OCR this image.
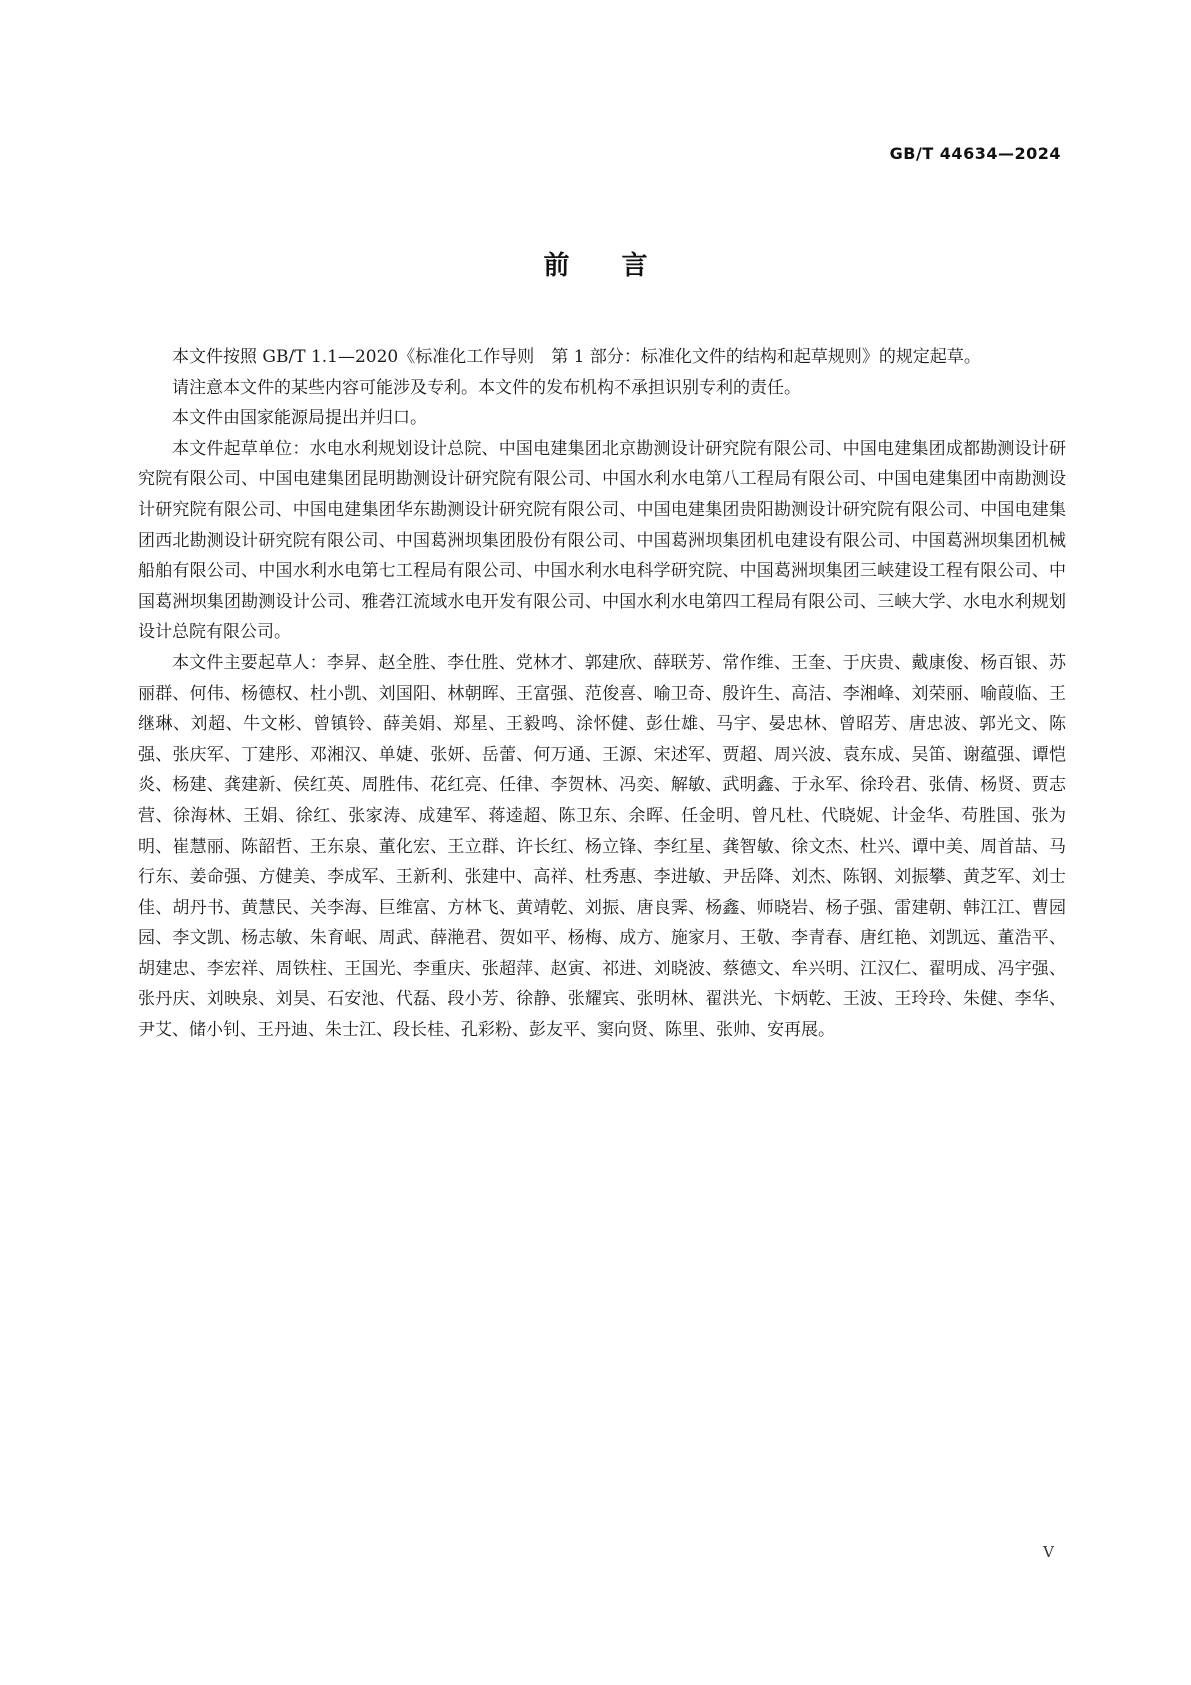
GB/T 44634—2024
前 言

本文件按照 GB/T 1.1—2020《标准化工作导则　第 1 部分：标准化文件的结构和起草规则》的规定起草。

请注意本文件的某些内容可能涉及专利。本文件的发布机构不承担识别专利的责任。

本文件由国家能源局提出并归口。

本文件起草单位：水电水利规划设计总院、中国电建集团北京勘测设计研究院有限公司、中国电建集团成都勘测设计研究院有限公司、中国电建集团昆明勘测设计研究院有限公司、中国水利水电第八工程局有限公司、中国电建集团中南勘测设计研究院有限公司、中国电建集团华东勘测设计研究院有限公司、中国电建集团贵阳勘测设计研究院有限公司、中国电建集团西北勘测设计研究院有限公司、中国葛洲坝集团股份有限公司、中国葛洲坝集团机电建设有限公司、中国葛洲坝集团机械船舶有限公司、中国水利水电第七工程局有限公司、中国水利水电科学研究院、中国葛洲坝集团三峡建设工程有限公司、中国葛洲坝集团勘测设计公司、雅砻江流域水电开发有限公司、中国水利水电第四工程局有限公司、三峡大学、水电水利规划设计总院有限公司。

本文件主要起草人：李昇、赵全胜、李仕胜、党林才、郭建欣、薛联芳、常作维、王奎、于庆贵、戴康俊、杨百银、苏丽群、何伟、杨德权、杜小凯、刘国阳、林朝晖、王富强、范俊喜、喻卫奇、殷许生、高洁、李湘峰、刘荣丽、喻葭临、王继琳、刘超、牛文彬、曾镇铃、薛美娟、郑星、王毅鸣、涂怀健、彭仕雄、马宇、晏忠林、曾昭芳、唐忠波、郭光文、陈强、张庆军、丁建彤、邓湘汉、单婕、张妍、岳蕾、何万通、王源、宋述军、贾超、周兴波、袁东成、吴笛、谢蕴强、谭恺炎、杨建、龚建新、侯红英、周胜伟、花红亮、任律、李贺林、冯奕、解敏、武明鑫、于永军、徐玲君、张倩、杨贤、贾志营、徐海林、王娟、徐红、张家涛、成建军、蒋逵超、陈卫东、余晖、任金明、曾凡杜、代晓妮、计金华、苟胜国、张为明、崔慧丽、陈韶哲、王东泉、董化宏、王立群、许长红、杨立锋、李红星、龚智敏、徐文杰、杜兴、谭中美、周首喆、马行东、姜命强、方健美、李成军、王新利、张建中、高祥、杜秀惠、李进敏、尹岳降、刘杰、陈钢、刘振攀、黄芝军、刘士佳、胡丹书、黄慧民、关李海、巨维富、方林飞、黄靖乾、刘振、唐良霁、杨鑫、师晓岩、杨子强、雷建朝、韩江江、曹园园、李文凯、杨志敏、朱育岷、周武、薛滟君、贺如平、杨梅、成方、施家月、王敬、李青春、唐红艳、刘凯远、董浩平、胡建忠、李宏祥、周铁柱、王国光、李重庆、张超萍、赵寅、祁进、刘晓波、蔡德文、牟兴明、江汉仁、翟明成、冯宇强、张丹庆、刘映泉、刘昊、石安池、代磊、段小芳、徐静、张耀宾、张明林、翟洪光、卞炳乾、王波、王玲玲、朱健、李华、尹艾、储小钊、王丹迪、朱士江、段长桂、孔彩粉、彭友平、窦向贤、陈里、张帅、安再展。

V
